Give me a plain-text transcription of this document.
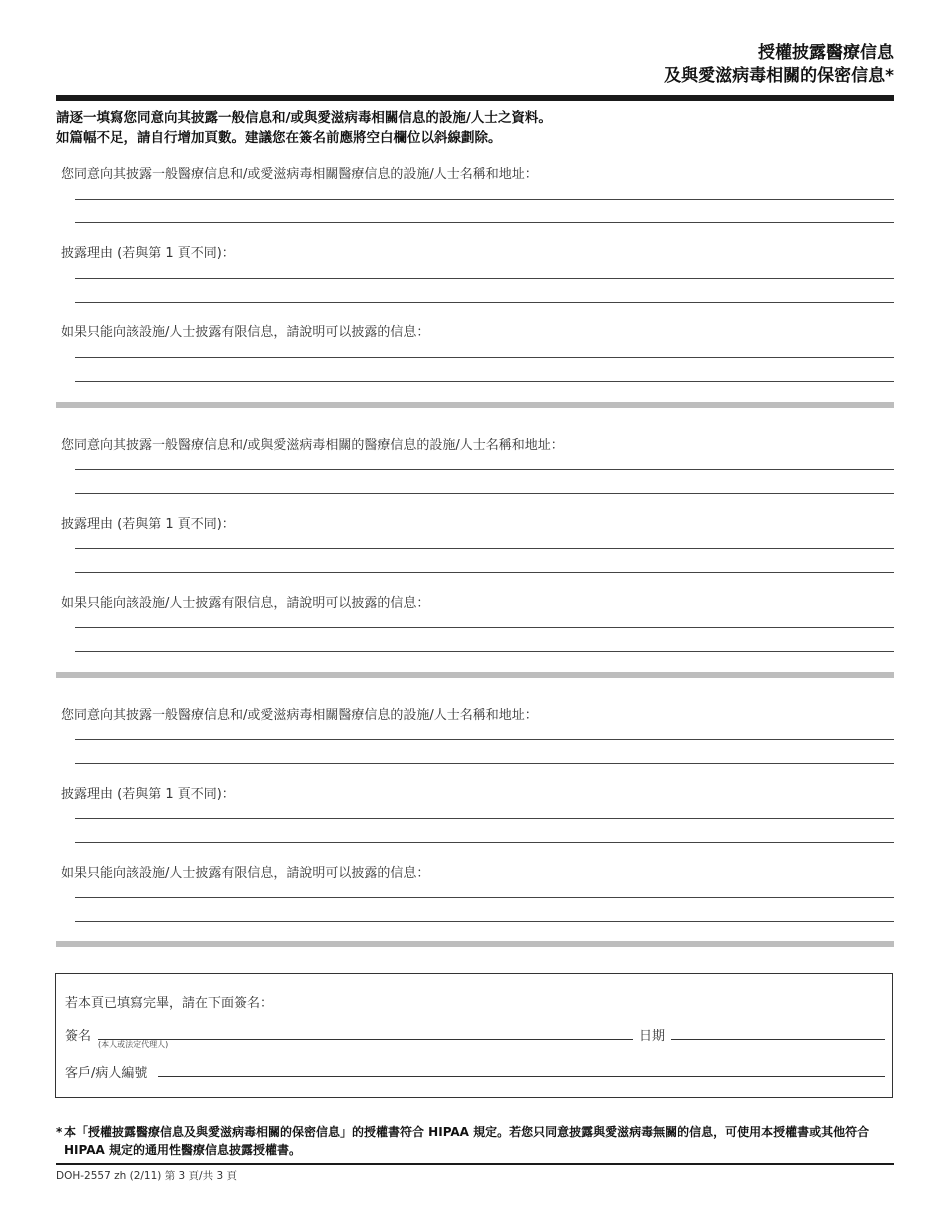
授權披露醫療信息
及與愛滋病毒相關的保密信息*
請逐一填寫您同意向其披露一般信息和/或與愛滋病毒相關信息的設施/人士之資料。
如篇幅不足，請自行增加頁數。建議您在簽名前應將空白欄位以斜線劃除。
您同意向其披露一般醫療信息和/或愛滋病毒相關醫療信息的設施/人士名稱和地址：
披露理由 (若與第 1 頁不同)：
如果只能向該設施/人士披露有限信息，請說明可以披露的信息：
您同意向其披露一般醫療信息和/或與愛滋病毒相關的醫療信息的設施/人士名稱和地址：
披露理由 (若與第 1 頁不同)：
如果只能向該設施/人士披露有限信息，請說明可以披露的信息：
您同意向其披露一般醫療信息和/或愛滋病毒相關醫療信息的設施/人士名稱和地址：
披露理由 (若與第 1 頁不同)：
如果只能向該設施/人士披露有限信息，請說明可以披露的信息：
若本頁已填寫完畢，請在下面簽名：
簽名
(本人或法定代理人)
日期
客戶/病人編號
* 本「授權披露醫療信息及與愛滋病毒相關的保密信息」的授權書符合 HIPAA 規定。若您只同意披露與愛滋病毒無關的信息，可使用本授權書或其他符合 HIPAA 規定的通用性醫療信息披露授權書。
DOH-2557 zh (2/11) 第 3 頁/共 3 頁
